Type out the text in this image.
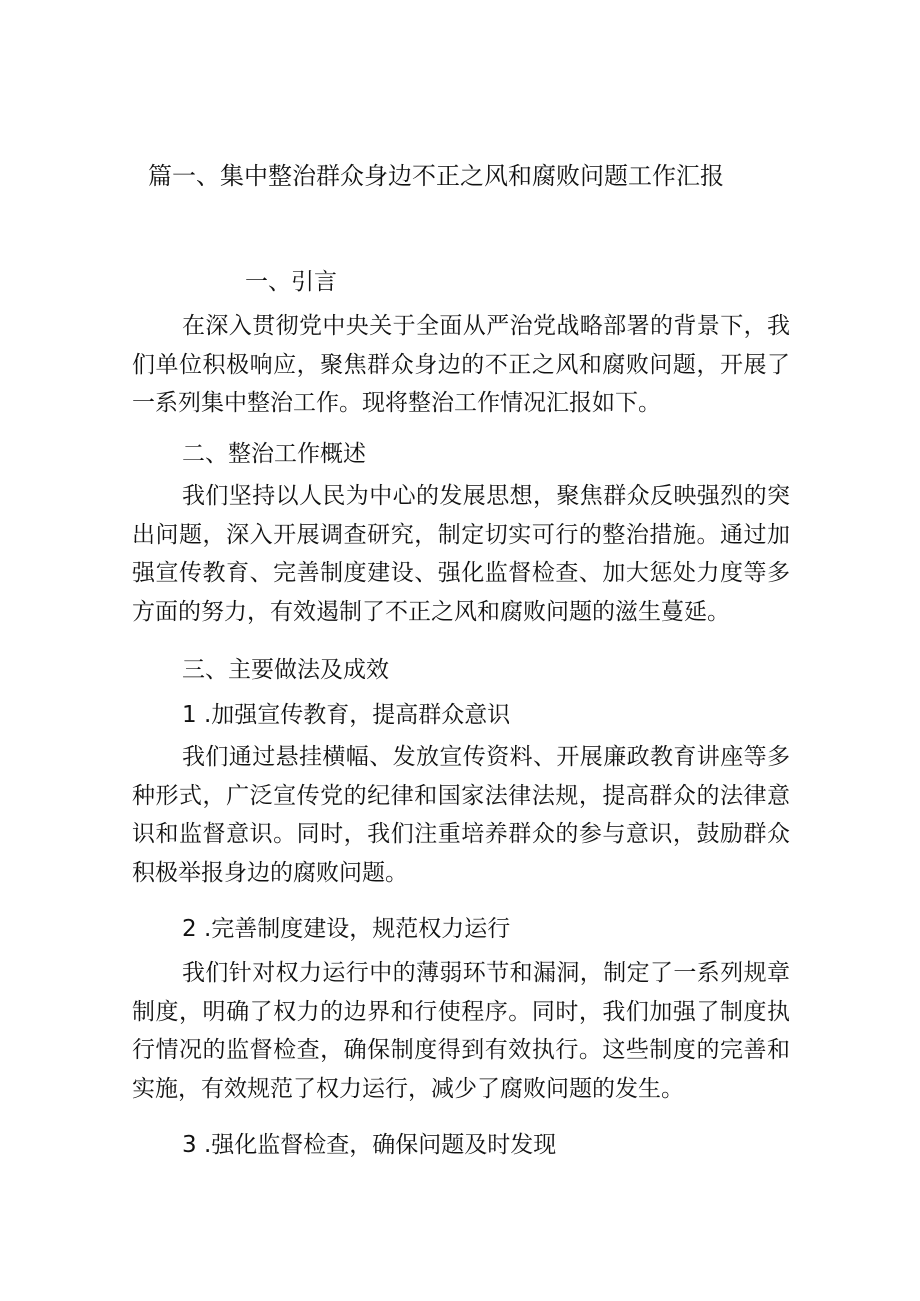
篇一、集中整治群众身边不正之风和腐败问题工作汇报
一、引言

在深入贯彻党中央关于全面从严治党战略部署的背景下，我们单位积极响应，聚焦群众身边的不正之风和腐败问题，开展了一系列集中整治工作。现将整治工作情况汇报如下。

二、整治工作概述

我们坚持以人民为中心的发展思想，聚焦群众反映强烈的突出问题，深入开展调查研究，制定切实可行的整治措施。通过加强宣传教育、完善制度建设、强化监督检查、加大惩处力度等多方面的努力，有效遏制了不正之风和腐败问题的滋生蔓延。

三、主要做法及成效
1 .加强宣传教育，提高群众意识

我们通过悬挂横幅、发放宣传资料、开展廉政教育讲座等多种形式，广泛宣传党的纪律和国家法律法规，提高群众的法律意识和监督意识。同时，我们注重培养群众的参与意识，鼓励群众积极举报身边的腐败问题。

2 .完善制度建设，规范权力运行

我们针对权力运行中的薄弱环节和漏洞，制定了一系列规章制度，明确了权力的边界和行使程序。同时，我们加强了制度执行情况的监督检查，确保制度得到有效执行。这些制度的完善和实施，有效规范了权力运行，减少了腐败问题的发生。

3 .强化监督检查，确保问题及时发现
